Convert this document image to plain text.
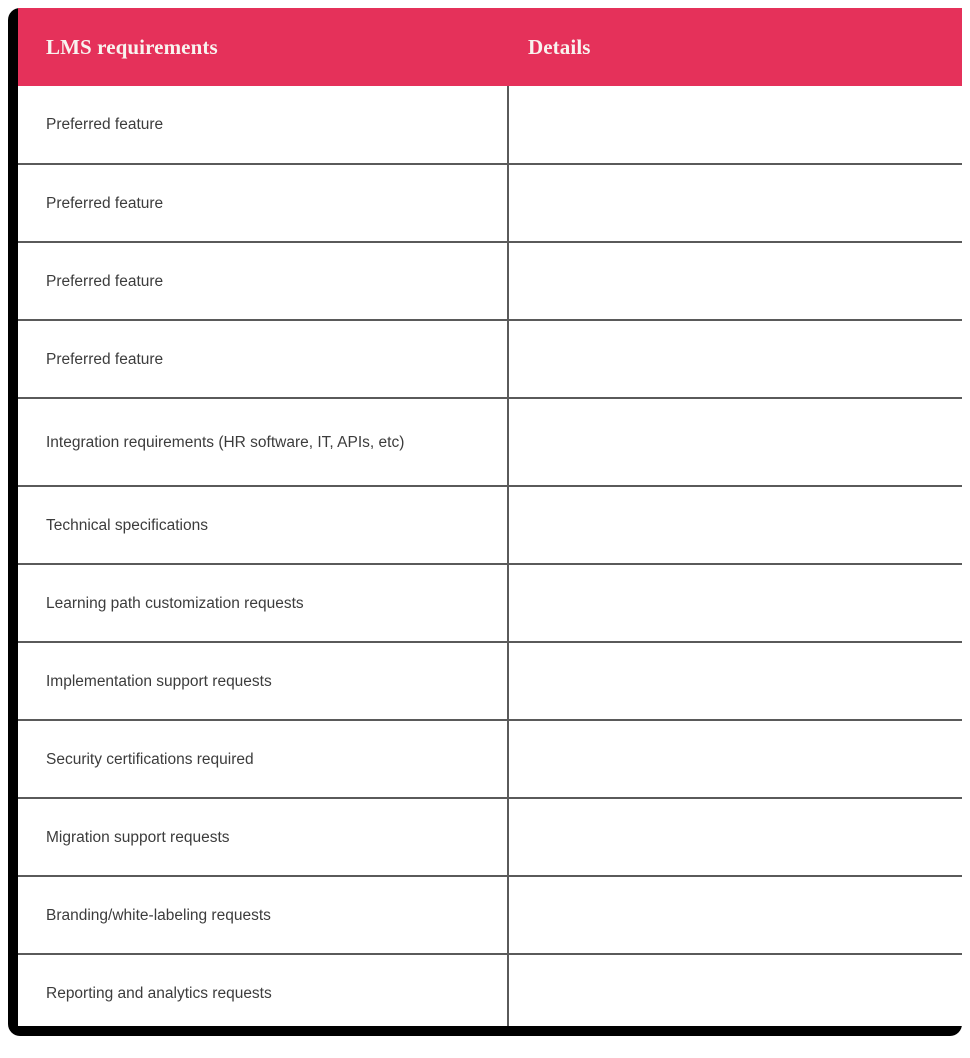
LMS requirements	Details
Preferred feature	

Preferred feature	

Preferred feature	

Preferred feature	

Integration requirements (HR software, IT, APIs, etc)	

Technical specifications	

Learning path customization requests	

Implementation support requests	

Security certifications required	

Migration support requests	

Branding/white-labeling requests	

Reporting and analytics requests	
